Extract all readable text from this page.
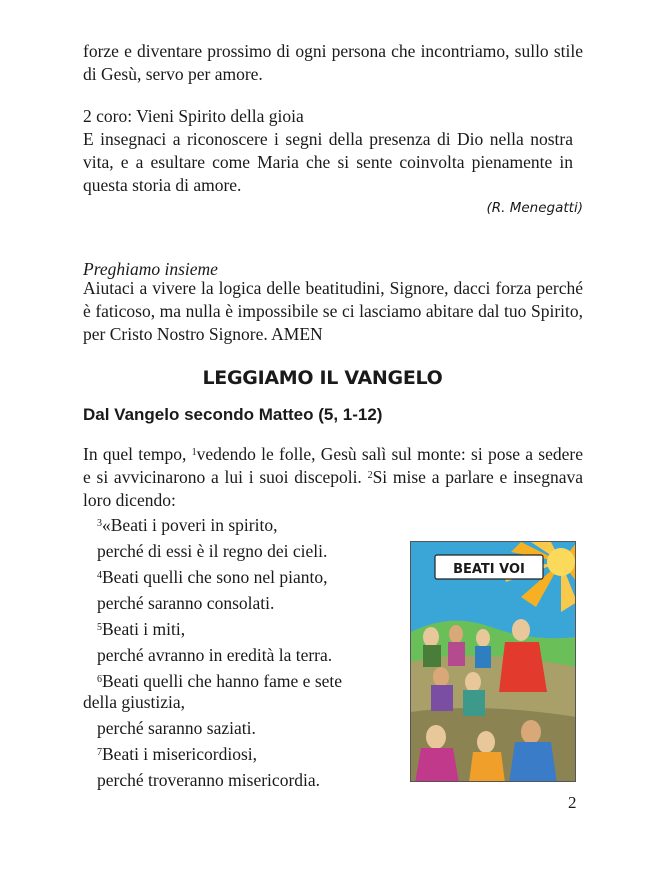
forze e diventare prossimo di ogni persona che incontriamo, sullo stile di Gesù, servo per amore.

2 coro: Vieni Spirito della gioia

E insegnaci a riconoscere i segni della presenza di Dio nella nostra vita, e a esultare come Maria che si sente coinvolta pienamente in questa storia di amore.

(R. Menegatti)

Preghiamo insieme

Aiutaci a vivere la logica delle beatitudini, Signore, dacci forza perché è faticoso, ma nulla è impossibile se ci lasciamo abitare dal tuo Spirito, per Cristo Nostro Signore. AMEN

LEGGIAMO IL VANGELO
Dal Vangelo secondo Matteo (5, 1-12)

In quel tempo, $^1$vedendo le folle, Gesù salì sul monte: si pose a sedere e si avvicinarono a lui i suoi discepoli. $^2$Si mise a parlare e insegnava loro dicendo:

$^3$«Beati i poveri in spirito,
perché di essi è il regno dei cieli.
$^4$Beati quelli che sono nel pianto,
perché saranno consolati.
$^5$Beati i miti,
perché avranno in eredità la terra.
$^6$Beati quelli che hanno fame e sete
della giustizia,
perché saranno saziati.
$^7$Beati i misericordiosi,
perché troveranno misericordia.
BEATI VOI
2
